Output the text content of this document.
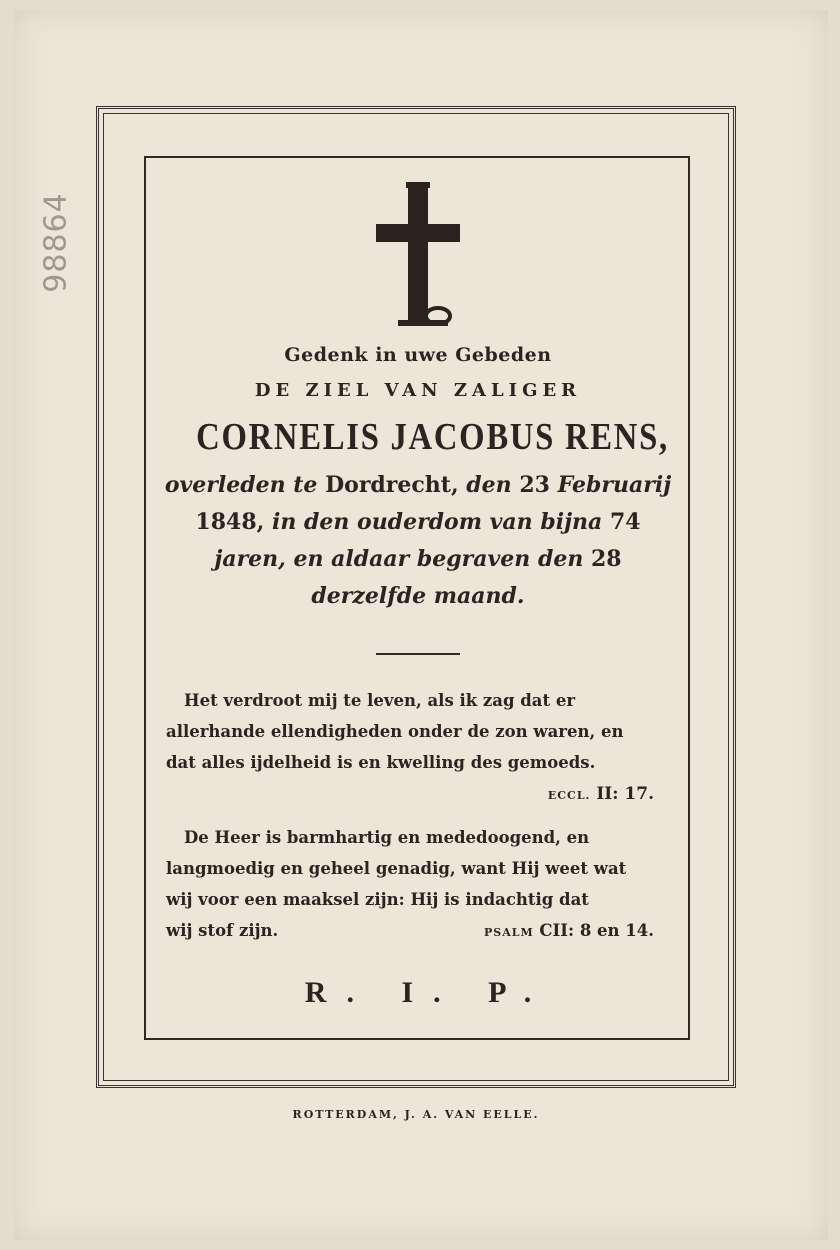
98864
Gedenk in uwe Gebeden
DE ZIEL VAN ZALIGER
CORNELIS JACOBUS RENS,
overleden te Dordrecht, den 23 Februarij
1848, in den ouderdom van bijna 74
jaren, en aldaar begraven den 28
derzelfde maand.

Het verdroot mij te leven, als ik zag dat er

allerhande ellendigheden onder de zon waren, en

dat alles ijdelheid is en kwelling des gemoeds.

ECCL. II: 17.

De Heer is barmhartig en mededoogend, en

langmoedig en geheel genadig, want Hij weet wat

wij voor een maaksel zijn: Hij is indachtig dat

wij stof zijn.	PSALM CII: 8 en 14.

R. I. P.
ROTTERDAM, J. A. VAN EELLE.
